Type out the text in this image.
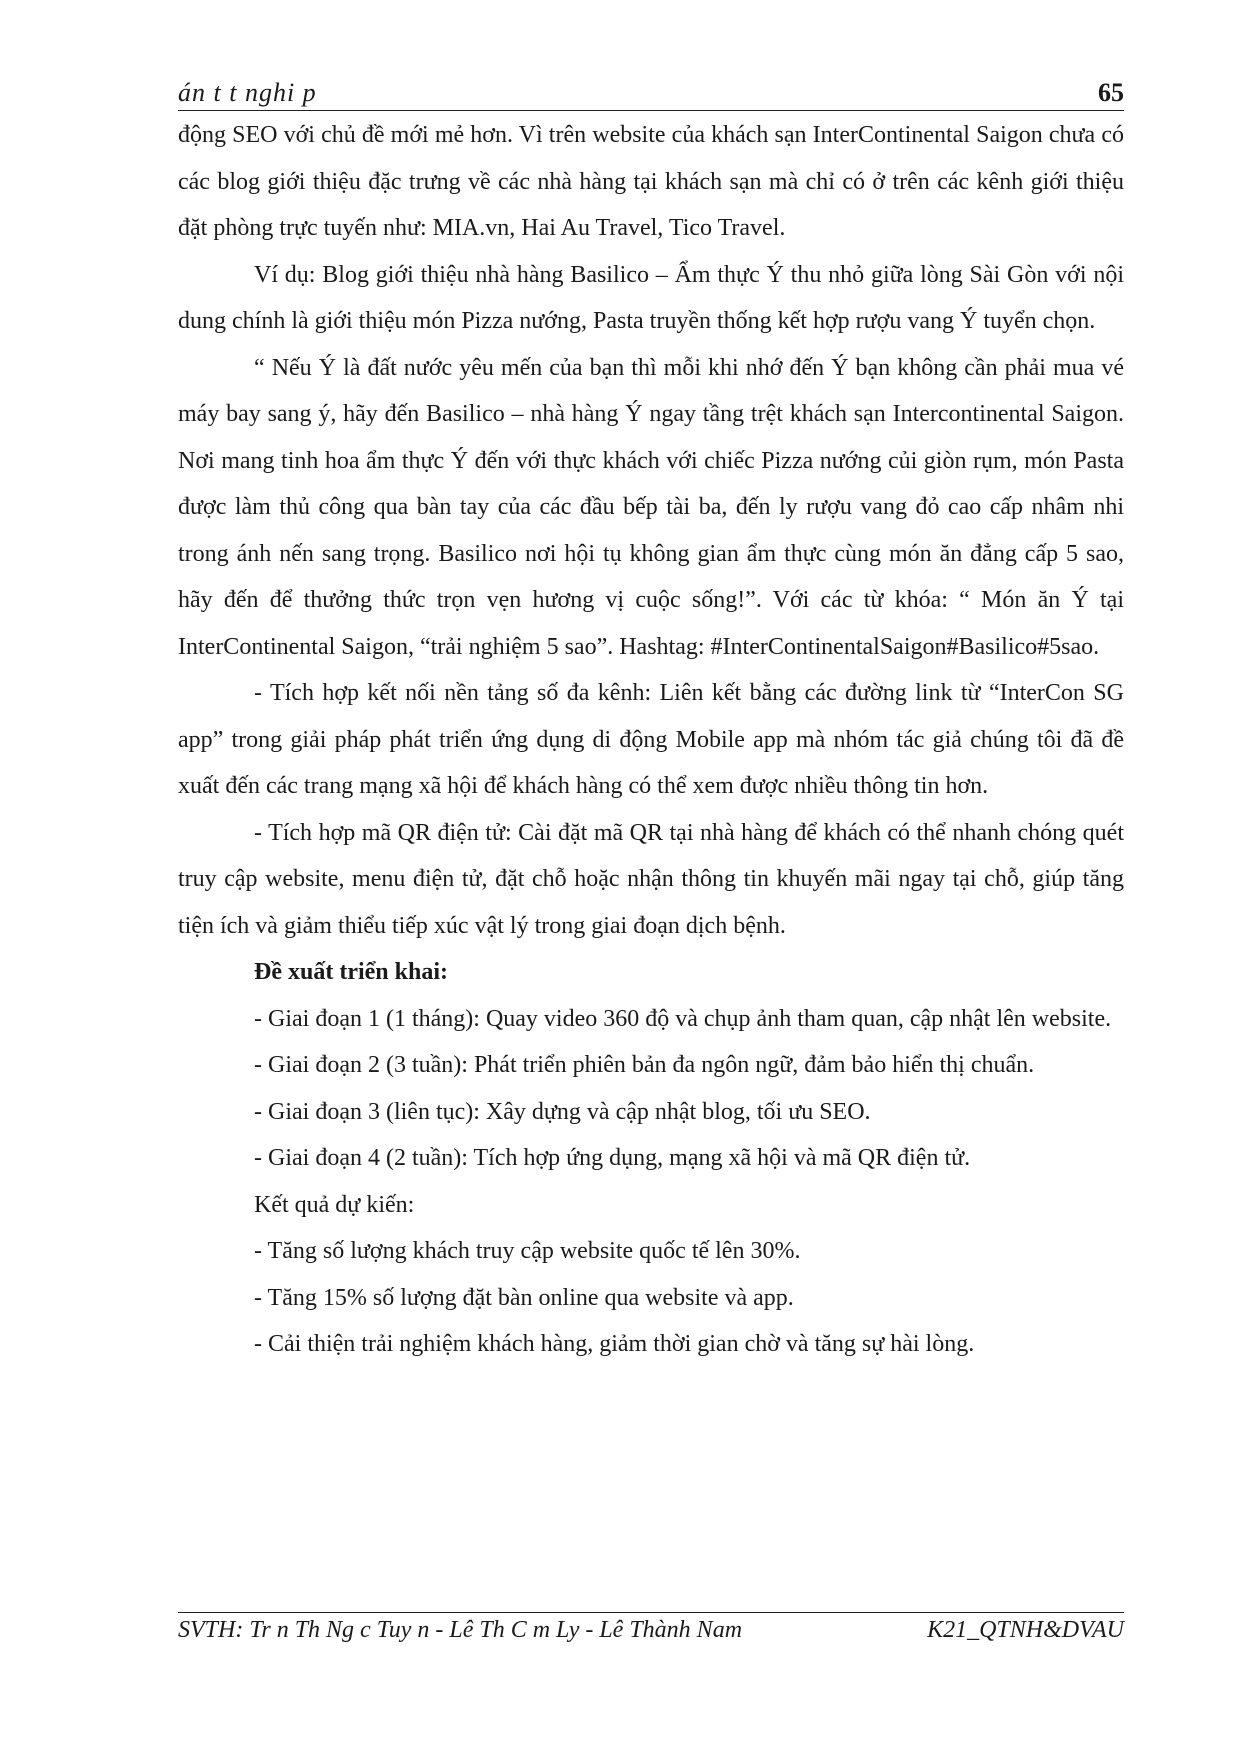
án t t nghi p	65

động SEO với chủ đề mới mẻ hơn. Vì trên website của khách sạn InterContinental Saigon chưa có các blog giới thiệu đặc trưng về các nhà hàng tại khách sạn mà chỉ có ở trên các kênh giới thiệu đặt phòng trực tuyến như: MIA.vn, Hai Au Travel, Tico Travel.

Ví dụ: Blog giới thiệu nhà hàng Basilico – Ẩm thực Ý thu nhỏ giữa lòng Sài Gòn với nội dung chính là giới thiệu món Pizza nướng, Pasta truyền thống kết hợp rượu vang Ý tuyển chọn.

“ Nếu Ý là đất nước yêu mến của bạn thì mỗi khi nhớ đến Ý bạn không cần phải mua vé máy bay sang ý, hãy đến Basilico – nhà hàng Ý ngay tầng trệt khách sạn Intercontinental Saigon. Nơi mang tinh hoa ẩm thực Ý đến với thực khách với chiếc Pizza nướng củi giòn rụm, món Pasta được làm thủ công qua bàn tay của các đầu bếp tài ba, đến ly rượu vang đỏ cao cấp nhâm nhi trong ánh nến sang trọng. Basilico nơi hội tụ không gian ẩm thực cùng món ăn đẳng cấp 5 sao, hãy đến để thưởng thức trọn vẹn hương vị cuộc sống!”. Với các từ khóa: “ Món ăn Ý tại InterContinental Saigon, “trải nghiệm 5 sao”. Hashtag: #InterContinentalSaigon#Basilico#5sao.

- Tích hợp kết nối nền tảng số đa kênh: Liên kết bằng các đường link từ “InterCon SG app” trong giải pháp phát triển ứng dụng di động Mobile app mà nhóm tác giả chúng tôi đã đề xuất đến các trang mạng xã hội để khách hàng có thể xem được nhiều thông tin hơn.

- Tích hợp mã QR điện tử: Cài đặt mã QR tại nhà hàng để khách có thể nhanh chóng quét truy cập website, menu điện tử, đặt chỗ hoặc nhận thông tin khuyến mãi ngay tại chỗ, giúp tăng tiện ích và giảm thiểu tiếp xúc vật lý trong giai đoạn dịch bệnh.

Đề xuất triển khai:

- Giai đoạn 1 (1 tháng): Quay video 360 độ và chụp ảnh tham quan, cập nhật lên website.

- Giai đoạn 2 (3 tuần): Phát triển phiên bản đa ngôn ngữ, đảm bảo hiển thị chuẩn.

- Giai đoạn 3 (liên tục): Xây dựng và cập nhật blog, tối ưu SEO.

- Giai đoạn 4 (2 tuần): Tích hợp ứng dụng, mạng xã hội và mã QR điện tử.

Kết quả dự kiến:

- Tăng số lượng khách truy cập website quốc tế lên 30%.

- Tăng 15% số lượng đặt bàn online qua website và app.

- Cải thiện trải nghiệm khách hàng, giảm thời gian chờ và tăng sự hài lòng.

SVTH: Tr n Th Ng c Tuy n - Lê Th C m Ly - Lê Thành Nam	K21_QTNH&DVAU
